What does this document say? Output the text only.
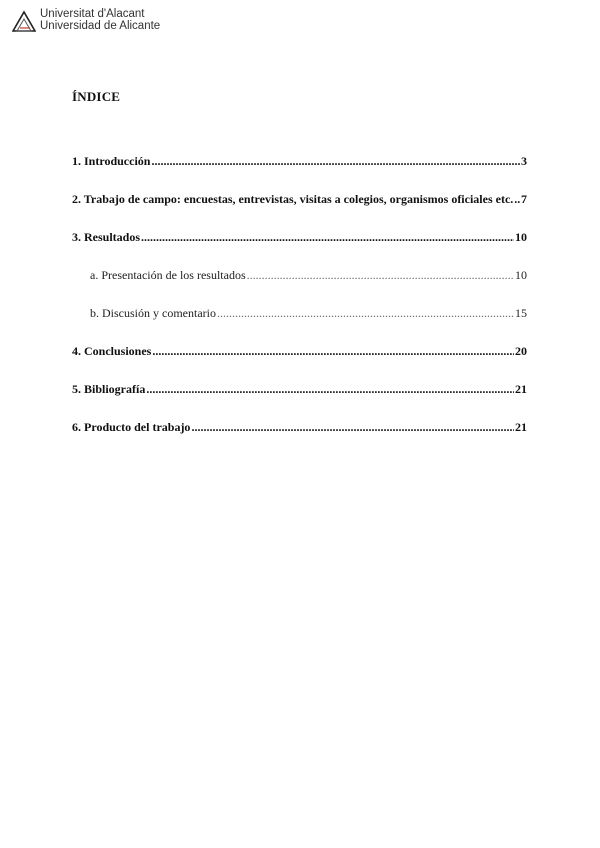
Universitat d'Alacant
Universidad de Alicante
ÍNDICE
1. Introducción .....	3
2. Trabajo de campo: encuestas, entrevistas, visitas a colegios, organismos oficiales etc. ..... 7
3. Resultados .....	10
a. Presentación de los resultados .....	10
b. Discusión y comentario .....	15
4. Conclusiones .....	20
5. Bibliografía .....	21
6. Producto del trabajo .....	21
